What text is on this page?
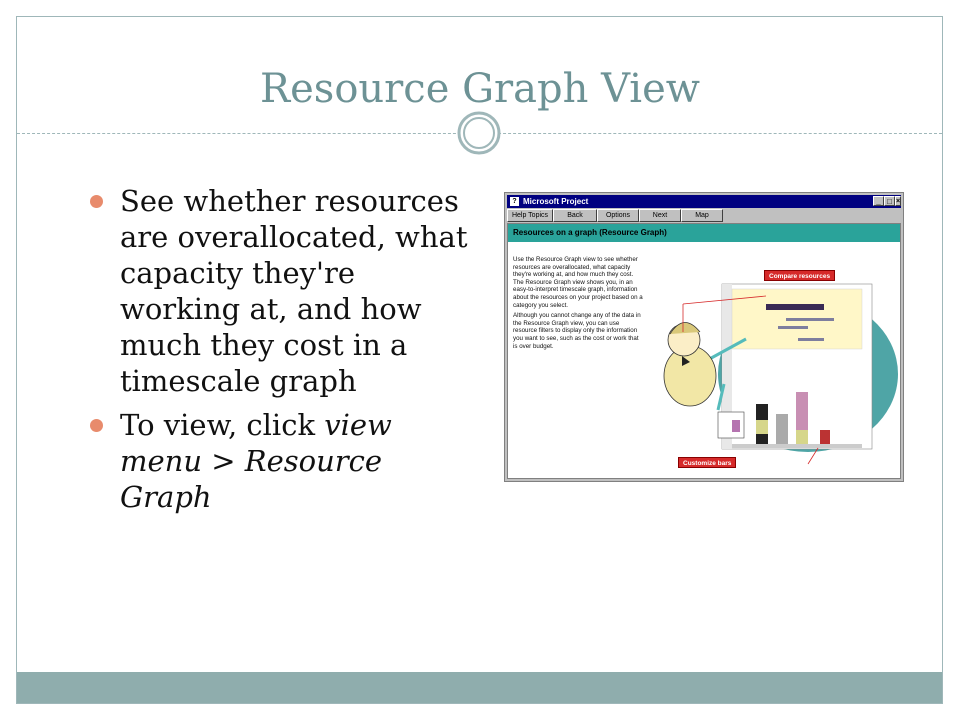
Resource Graph View
See whether resources are overallocated, what capacity they're working at, and how much they cost in a timescale graph
To view, click view menu > Resource Graph
? Microsoft Project	_ □ ×
Help Topics	Back	Options	Next	Map
Resources on a graph (Resource Graph)

Use the Resource Graph view to see whether resources are overallocated, what capacity they're working at, and how much they cost. The Resource Graph view shows you, in an easy-to-interpret timescale graph, information about the resources on your project based on a category you select.

Although you cannot change any of the data in the Resource Graph view, you can use resource filters to display only the information you want to see, such as the cost or work that is over budget.

Compare resources
Customize bars
